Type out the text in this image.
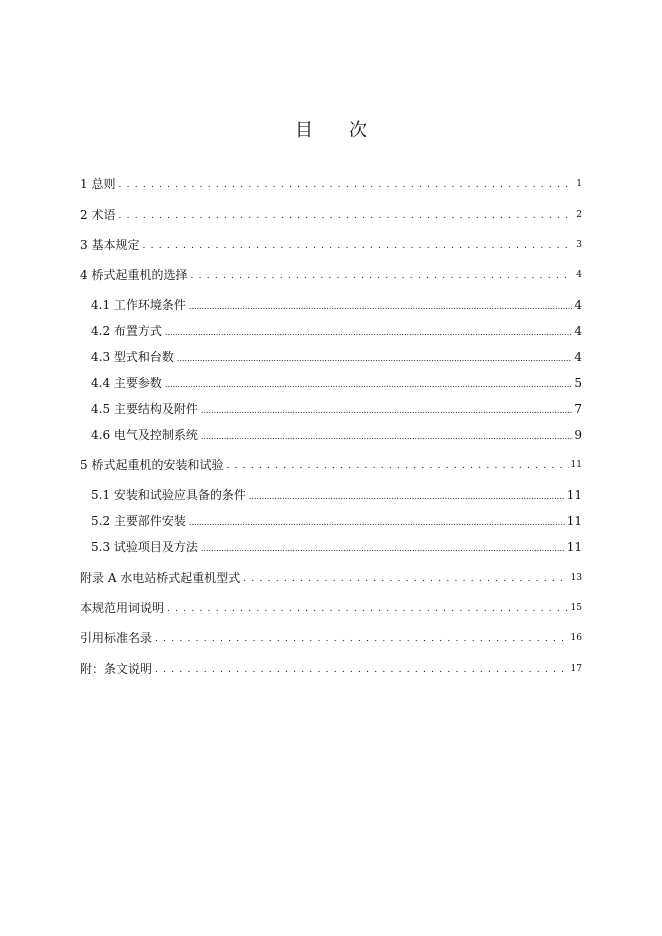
目 次
1 总则 . . .	1
2 术语 . . .	2
3 基本规定 . . .	3
4 桥式起重机的选择 . . .	4
4.1 工作环境条件 .....	4
4.2 布置方式 .....	4
4.3 型式和台数 .....	4
4.4 主要参数 .....	5
4.5 主要结构及附件 .....	7
4.6 电气及控制系统 .....	9
5 桥式起重机的安装和试验 . . .	11
5.1 安装和试验应具备的条件 .....	11
5.2 主要部件安装 .....	11
5.3 试验项目及方法 .....	11
附录 A 水电站桥式起重机型式 . . .	13
本规范用词说明 . . .	15
引用标准名录 . . .	16
附：条文说明 . . .	17
